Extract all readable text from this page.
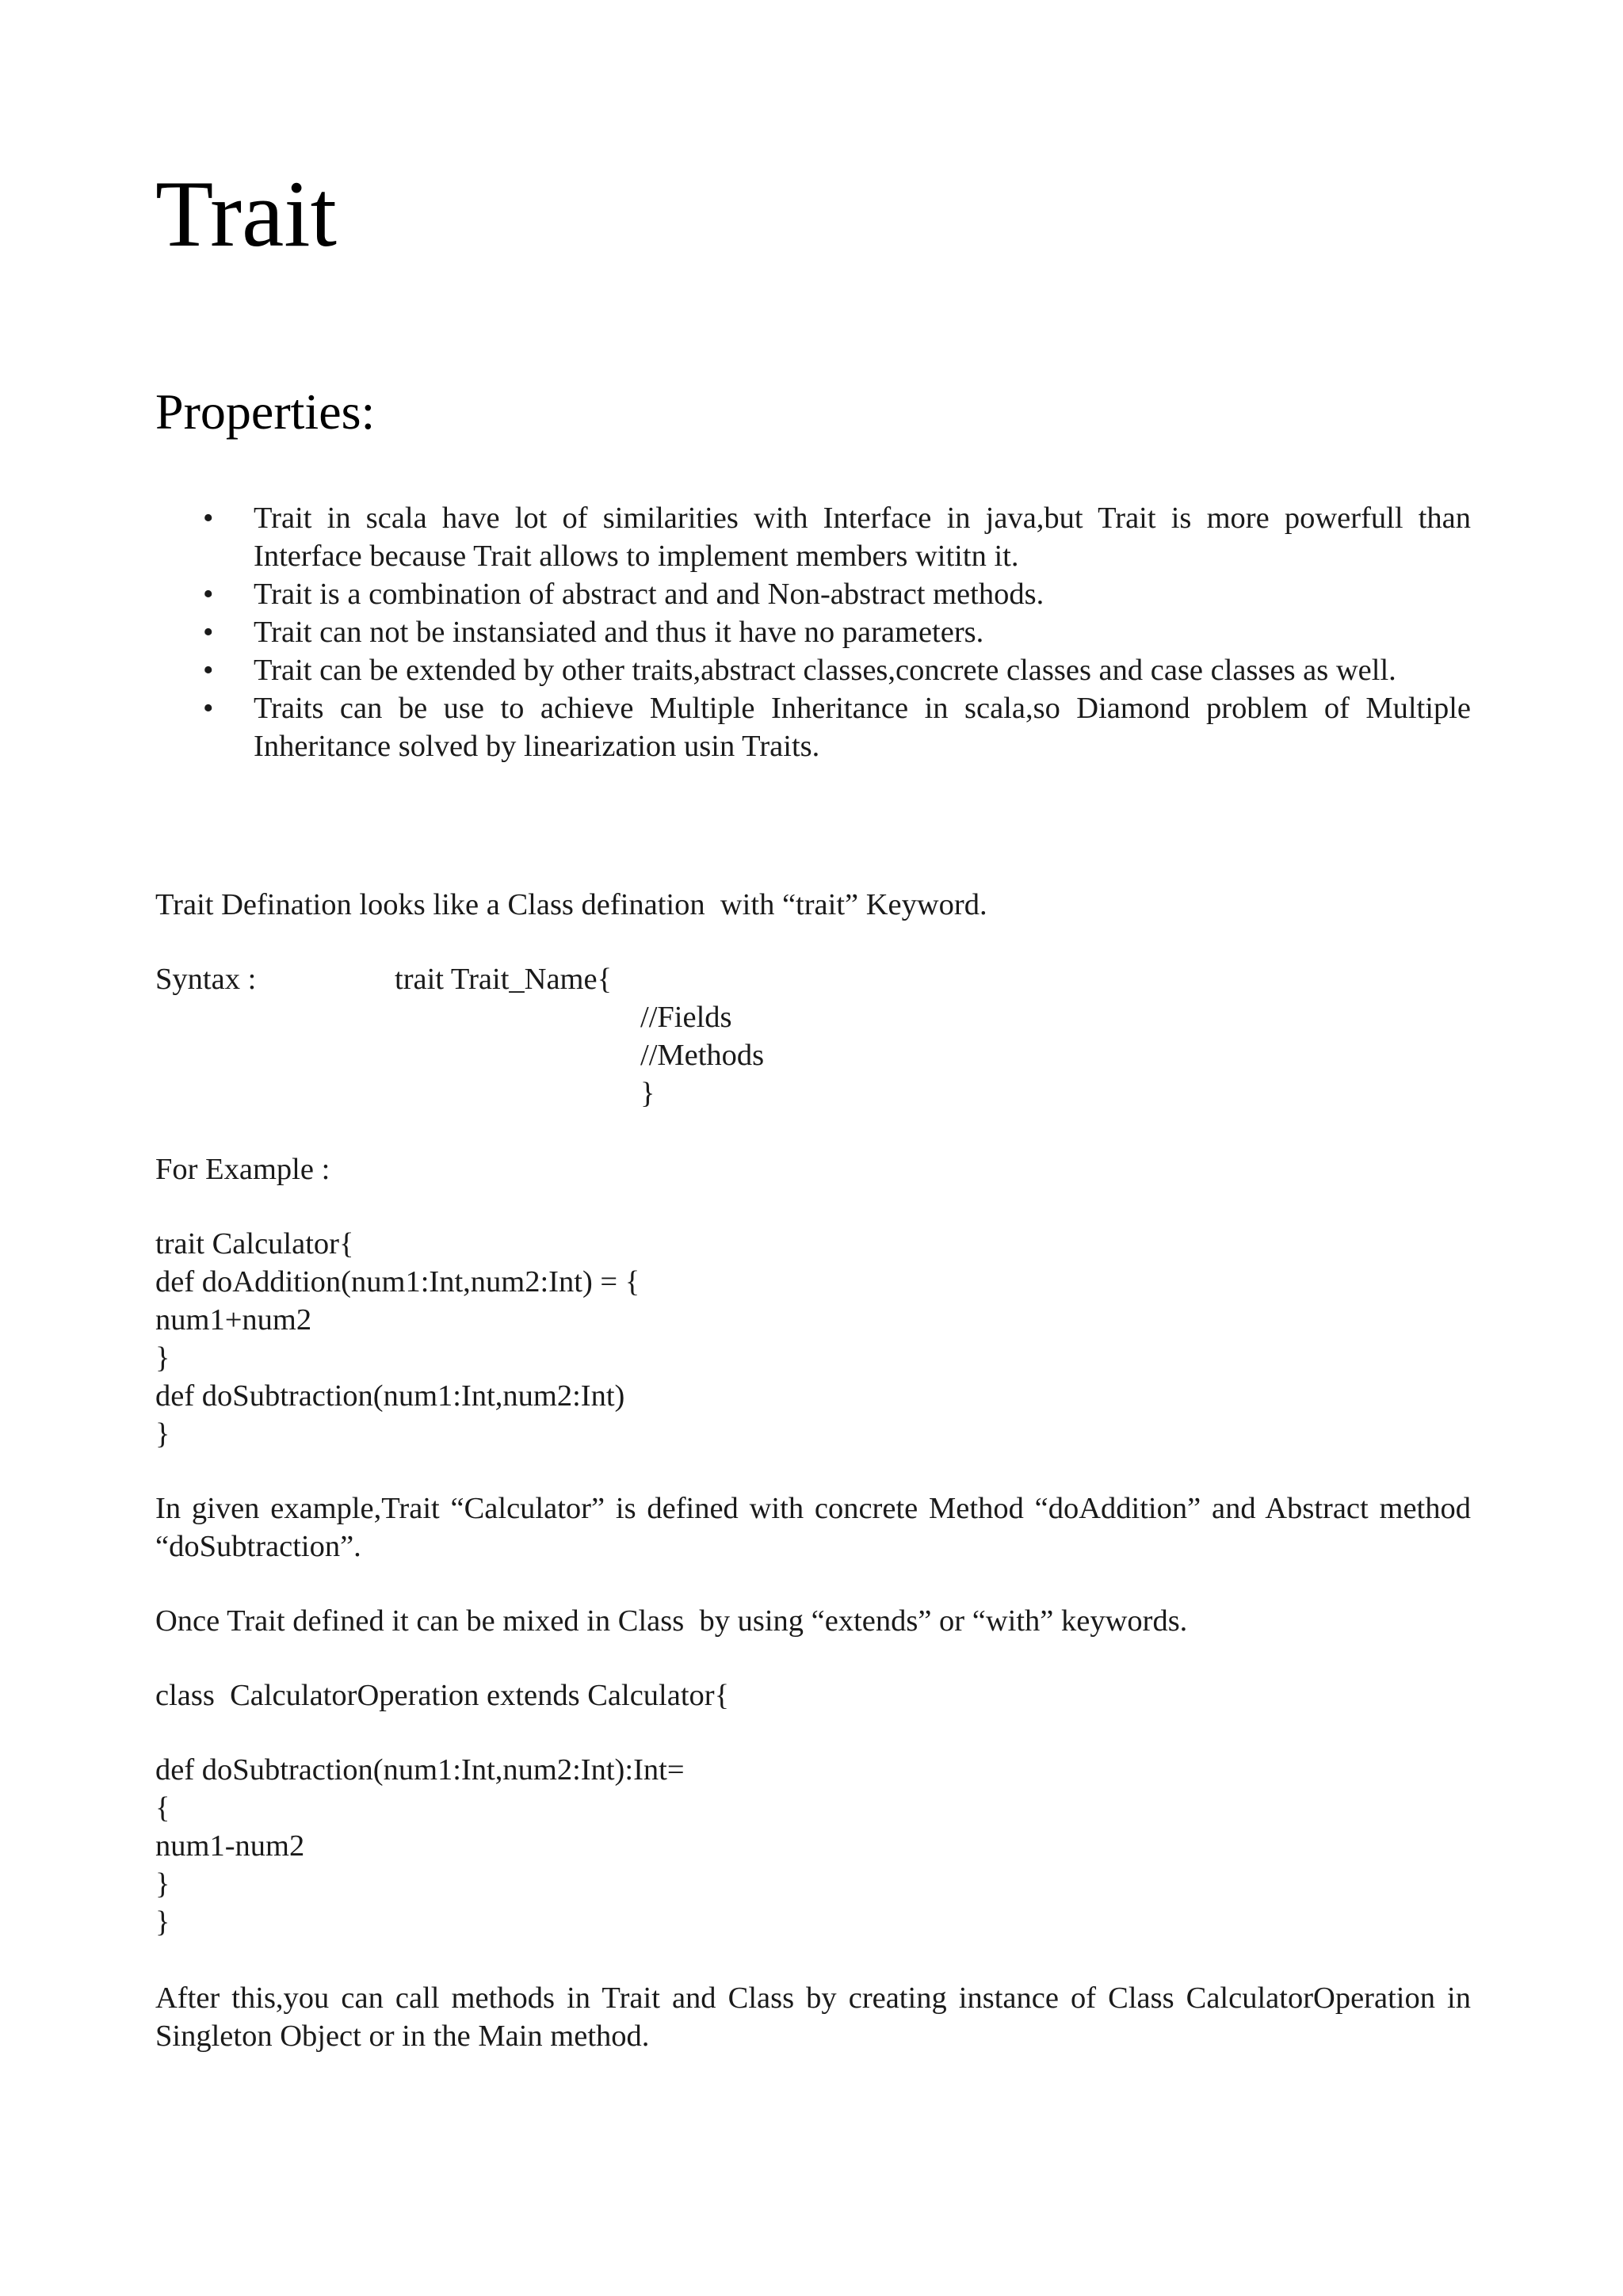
Trait
Properties:
• Trait in scala have lot of similarities with Interface in java,but Trait is more powerfull than Interface because Trait allows to implement members wititn it.
• Trait is a combination of abstract and and Non-abstract methods.
• Trait can not be instansiated and thus it have no parameters.
• Trait can be extended by other traits,abstract classes,concrete classes and case classes as well.
• Traits can be use to achieve Multiple Inheritance in scala,so Diamond problem of Multiple Inheritance solved by linearization usin Traits.
Trait Defination looks like a Class defination  with “trait” Keyword.
Syntax :	trait Trait_Name{
//Fields
//Methods
}
For Example :
trait Calculator{
def doAddition(num1:Int,num2:Int) = {
num1+num2
}
def doSubtraction(num1:Int,num2:Int)
}
In given example,Trait “Calculator” is defined with concrete Method “doAddition” and Abstract method “doSubtraction”.
Once Trait defined it can be mixed in Class  by using “extends” or “with” keywords.
class  CalculatorOperation extends Calculator{
def doSubtraction(num1:Int,num2:Int):Int=
{
num1-num2
}
}
After this,you can call methods in Trait and Class by creating instance of Class CalculatorOperation in Singleton Object or in the Main method.
